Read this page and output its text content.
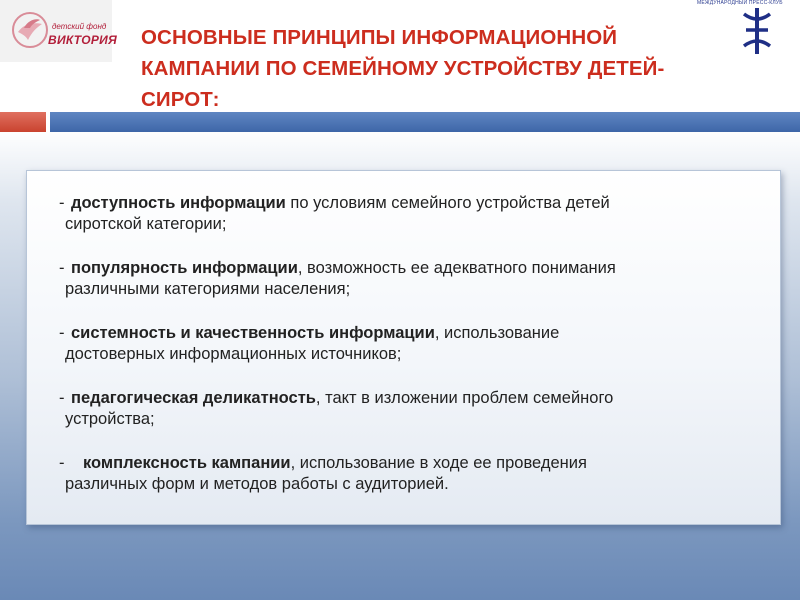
детский фонд
ВИКТОРИЯ ОСНОВНЫЕ ПРИНЦИПЫ ИНФОРМАЦИОННОЙ КАМПАНИИ ПО СЕМЕЙНОМУ УСТРОЙСТВУ ДЕТЕЙ-СИРОТ:
МЕЖДУНАРОДНЫЙ ПРЕСС-КЛУБ
- доступность информации по условиям семейного устройства детей
сиротской категории;
- популярность информации, возможность ее адекватного понимания
различными категориями населения;
- системность и качественность информации, использование
достоверных информационных источников;
- педагогическая деликатность, такт в изложении проблем семейного
устройства;
- комплексность кампании, использование в ходе ее проведения
различных форм и методов работы с аудиторией.
